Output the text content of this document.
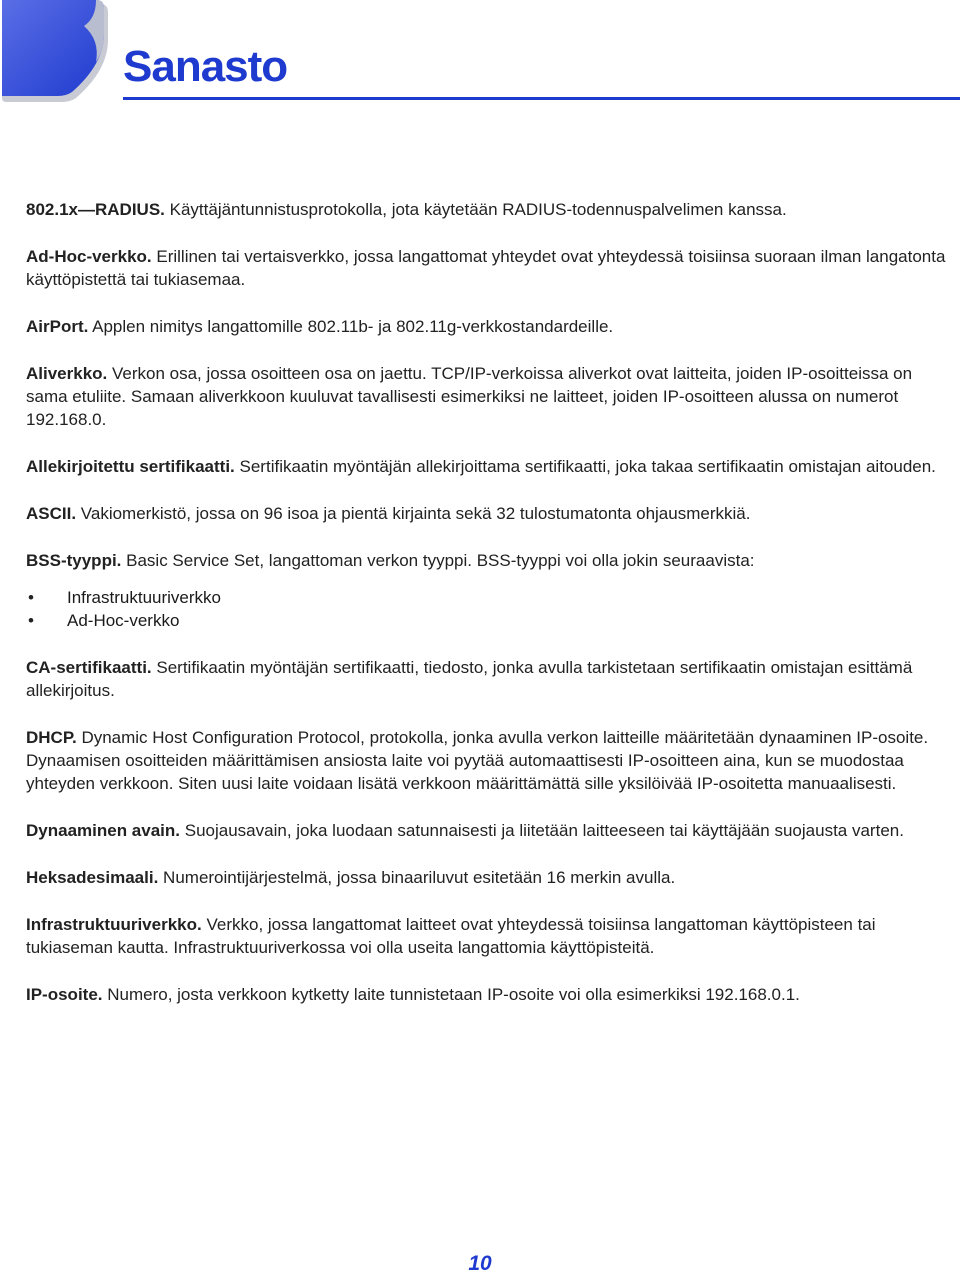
Sanasto

802.1x—RADIUS. Käyttäjäntunnistusprotokolla, jota käytetään RADIUS-todennuspalvelimen kanssa.

Ad-Hoc-verkko. Erillinen tai vertaisverkko, jossa langattomat yhteydet ovat yhteydessä toisiinsa suoraan ilman langatonta käyttöpistettä tai tukiasemaa.

AirPort. Applen nimitys langattomille 802.11b- ja 802.11g-verkkostandardeille.

Aliverkko. Verkon osa, jossa osoitteen osa on jaettu. TCP/IP-verkoissa aliverkot ovat laitteita, joiden IP-osoitteissa on sama etuliite. Samaan aliverkkoon kuuluvat tavallisesti esimerkiksi ne laitteet, joiden IP-osoitteen alussa on numerot 192.168.0.

Allekirjoitettu sertifikaatti. Sertifikaatin myöntäjän allekirjoittama sertifikaatti, joka takaa sertifikaatin omistajan aitouden.

ASCII. Vakiomerkistö, jossa on 96 isoa ja pientä kirjainta sekä 32 tulostumatonta ohjausmerkkiä.

BSS-tyyppi. Basic Service Set, langattoman verkon tyyppi. BSS-tyyppi voi olla jokin seuraavista:

• Infrastruktuuriverkko
• Ad-Hoc-verkko

CA-sertifikaatti. Sertifikaatin myöntäjän sertifikaatti, tiedosto, jonka avulla tarkistetaan sertifikaatin omistajan esittämä allekirjoitus.

DHCP. Dynamic Host Configuration Protocol, protokolla, jonka avulla verkon laitteille määritetään dynaaminen IP-osoite. Dynaamisen osoitteiden määrittämisen ansiosta laite voi pyytää automaattisesti IP-osoitteen aina, kun se muodostaa yhteyden verkkoon. Siten uusi laite voidaan lisätä verkkoon määrittämättä sille yksilöivää IP-osoitetta manuaalisesti.

Dynaaminen avain. Suojausavain, joka luodaan satunnaisesti ja liitetään laitteeseen tai käyttäjään suojausta varten.

Heksadesimaali. Numerointijärjestelmä, jossa binaariluvut esitetään 16 merkin avulla.

Infrastruktuuriverkko. Verkko, jossa langattomat laitteet ovat yhteydessä toisiinsa langattoman käyttöpisteen tai tukiaseman kautta. Infrastruktuuriverkossa voi olla useita langattomia käyttöpisteitä.

IP-osoite. Numero, josta verkkoon kytketty laite tunnistetaan IP-osoite voi olla esimerkiksi 192.168.0.1.

10
